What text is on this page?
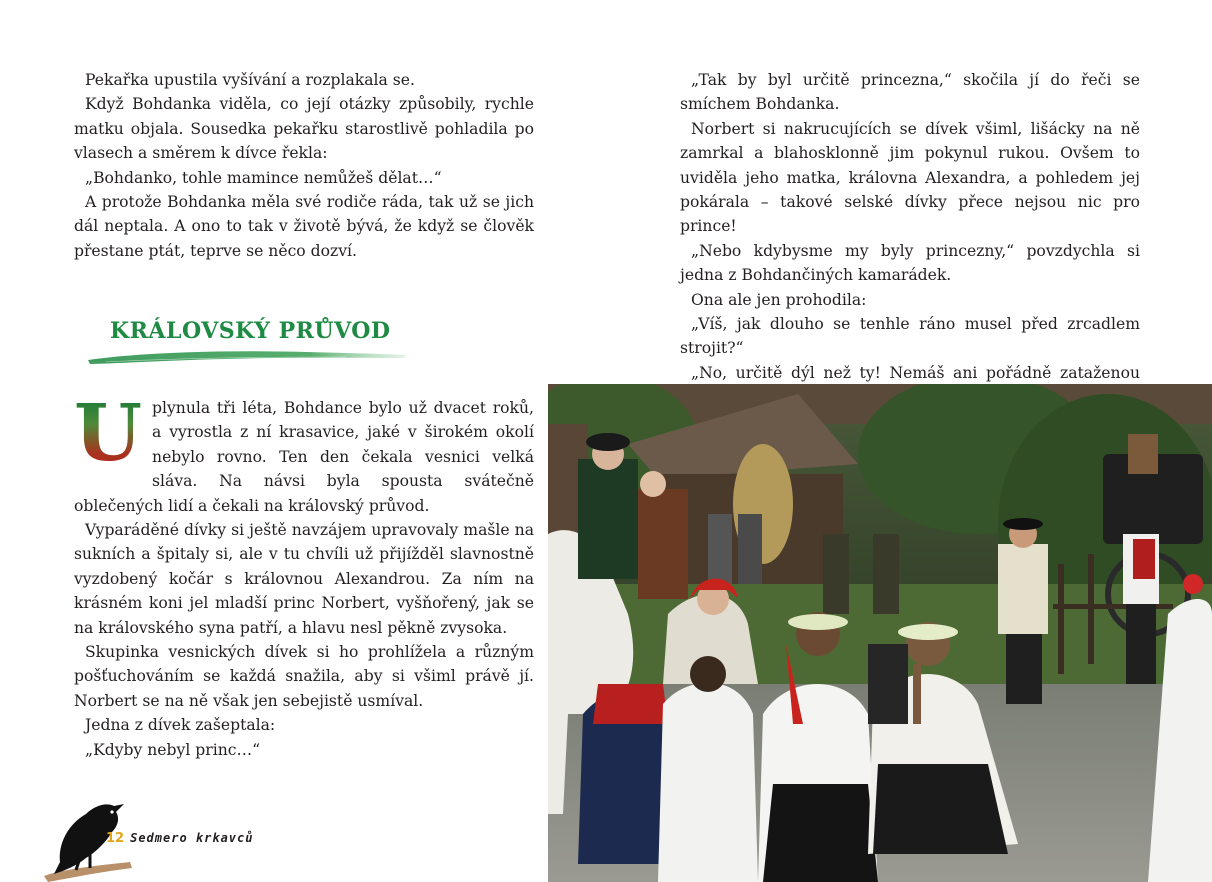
Pekařka upustila vyšívání a rozplakala se.

Když Bohdanka viděla, co její otázky způsobily, rychle matku objala. Sousedka pekařku starostlivě pohladila po vlasech a směrem k dívce řekla:

„Bohdanko, tohle mamince nemůžeš dělat…“

A protože Bohdanka měla své rodiče ráda, tak už se jich dál neptala. A ono to tak v životě bývá, že když se člověk přestane ptát, teprve se něco dozví.

KRÁLOVSKÝ PRŮVOD

U plynula tři léta, Bohdance bylo už dvacet roků, a vyrostla z ní krasavice, jaké v širokém okolí nebylo rovno. Ten den čekala vesnici velká sláva. Na návsi byla spousta svátečně oblečených lidí a čekali na královský průvod.

Vyparáděné dívky si ještě navzájem upravovaly mašle na sukních a špitaly si, ale v tu chvíli už přijížděl slavnostně vyzdobený kočár s královnou Alexandrou. Za ním na krásném koni jel mladší princ Norbert, vyšňořený, jak se na královského syna patří, a hlavu nesl pěkně zvysoka.

Skupinka vesnických dívek si ho prohlížela a různým pošťuchováním se každá snažila, aby si všiml právě jí. Norbert se na ně však jen sebejistě usmíval.

Jedna z dívek zašeptala:

„Kdyby nebyl princ…“

„Tak by byl určitě princezna,“ skočila jí do řeči se smíchem Bohdanka.

Norbert si nakrucujících se dívek všiml, lišácky na ně zamrkal a blahosklonně jim pokynul rukou. Ovšem to uviděla jeho matka, královna Alexandra, a pohledem jej pokárala – takové selské dívky přece nejsou nic pro prince!

„Nebo kdybysme my byly princezny,“ povzdychla si jedna z Bohdančiných kamarádek.

Ona ale jen prohodila:

„Víš, jak dlouho se tenhle ráno musel před zrcadlem strojit?“

„No, určitě dýl než ty! Nemáš ani pořádně zataženou

12 Sedmero krkavců
